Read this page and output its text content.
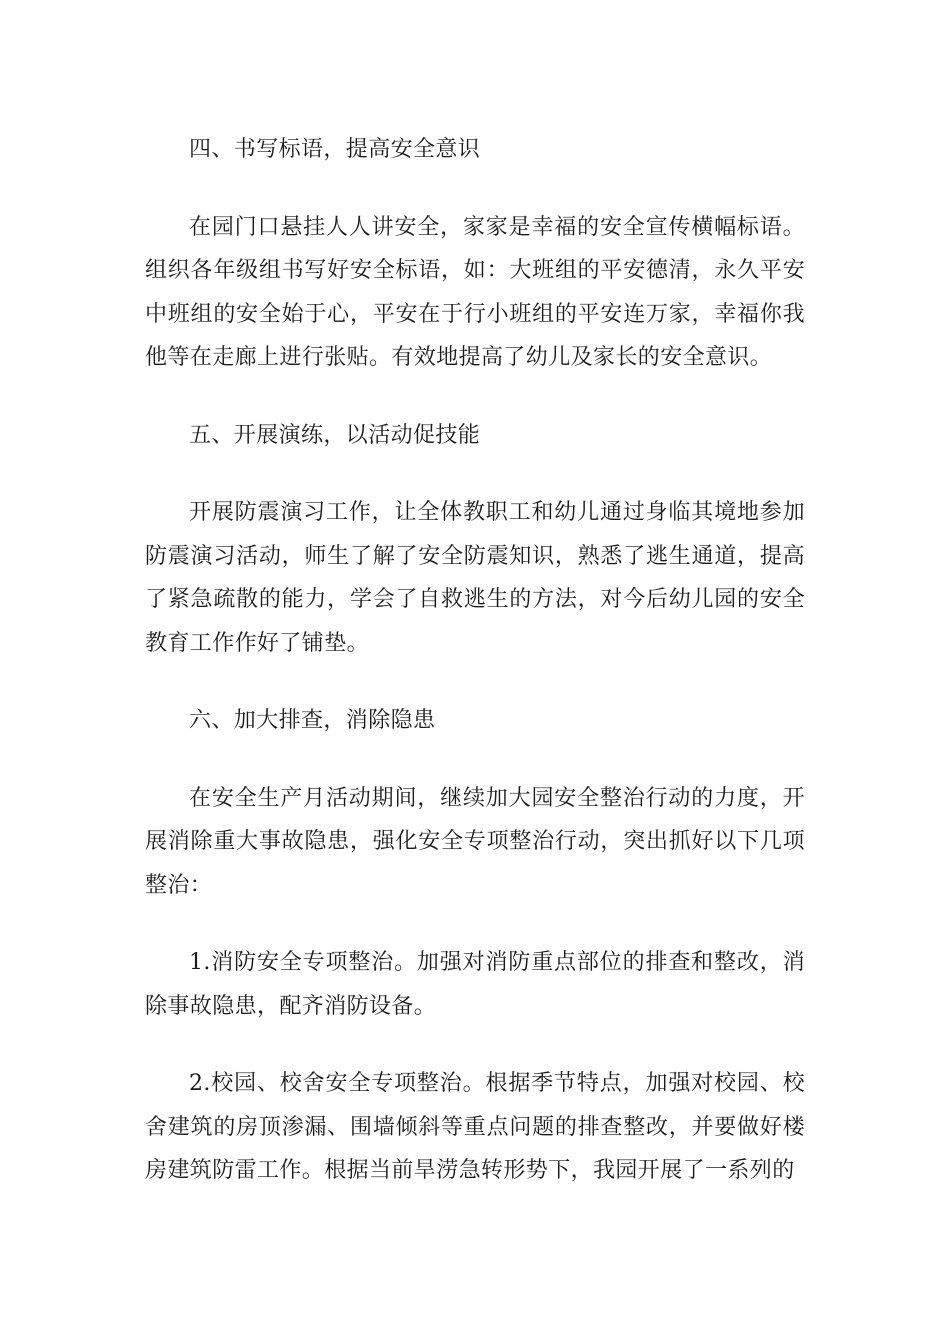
四、书写标语，提高安全意识

在园门口悬挂人人讲安全，家家是幸福的安全宣传横幅标语。组织各年级组书写好安全标语，如：大班组的平安德清，永久平安中班组的安全始于心，平安在于行小班组的平安连万家，幸福你我他等在走廊上进行张贴。有效地提高了幼儿及家长的安全意识。

五、开展演练，以活动促技能

开展防震演习工作，让全体教职工和幼儿通过身临其境地参加防震演习活动，师生了解了安全防震知识，熟悉了逃生通道，提高了紧急疏散的能力，学会了自救逃生的方法，对今后幼儿园的安全教育工作作好了铺垫。

六、加大排查，消除隐患

在安全生产月活动期间，继续加大园安全整治行动的力度，开展消除重大事故隐患，强化安全专项整治行动，突出抓好以下几项整治：

1.消防安全专项整治。加强对消防重点部位的排查和整改，消除事故隐患，配齐消防设备。

2.校园、校舍安全专项整治。根据季节特点，加强对校园、校舍建筑的房顶渗漏、围墙倾斜等重点问题的排查整改，并要做好楼房建筑防雷工作。根据当前旱涝急转形势下，我园开展了一系列的
